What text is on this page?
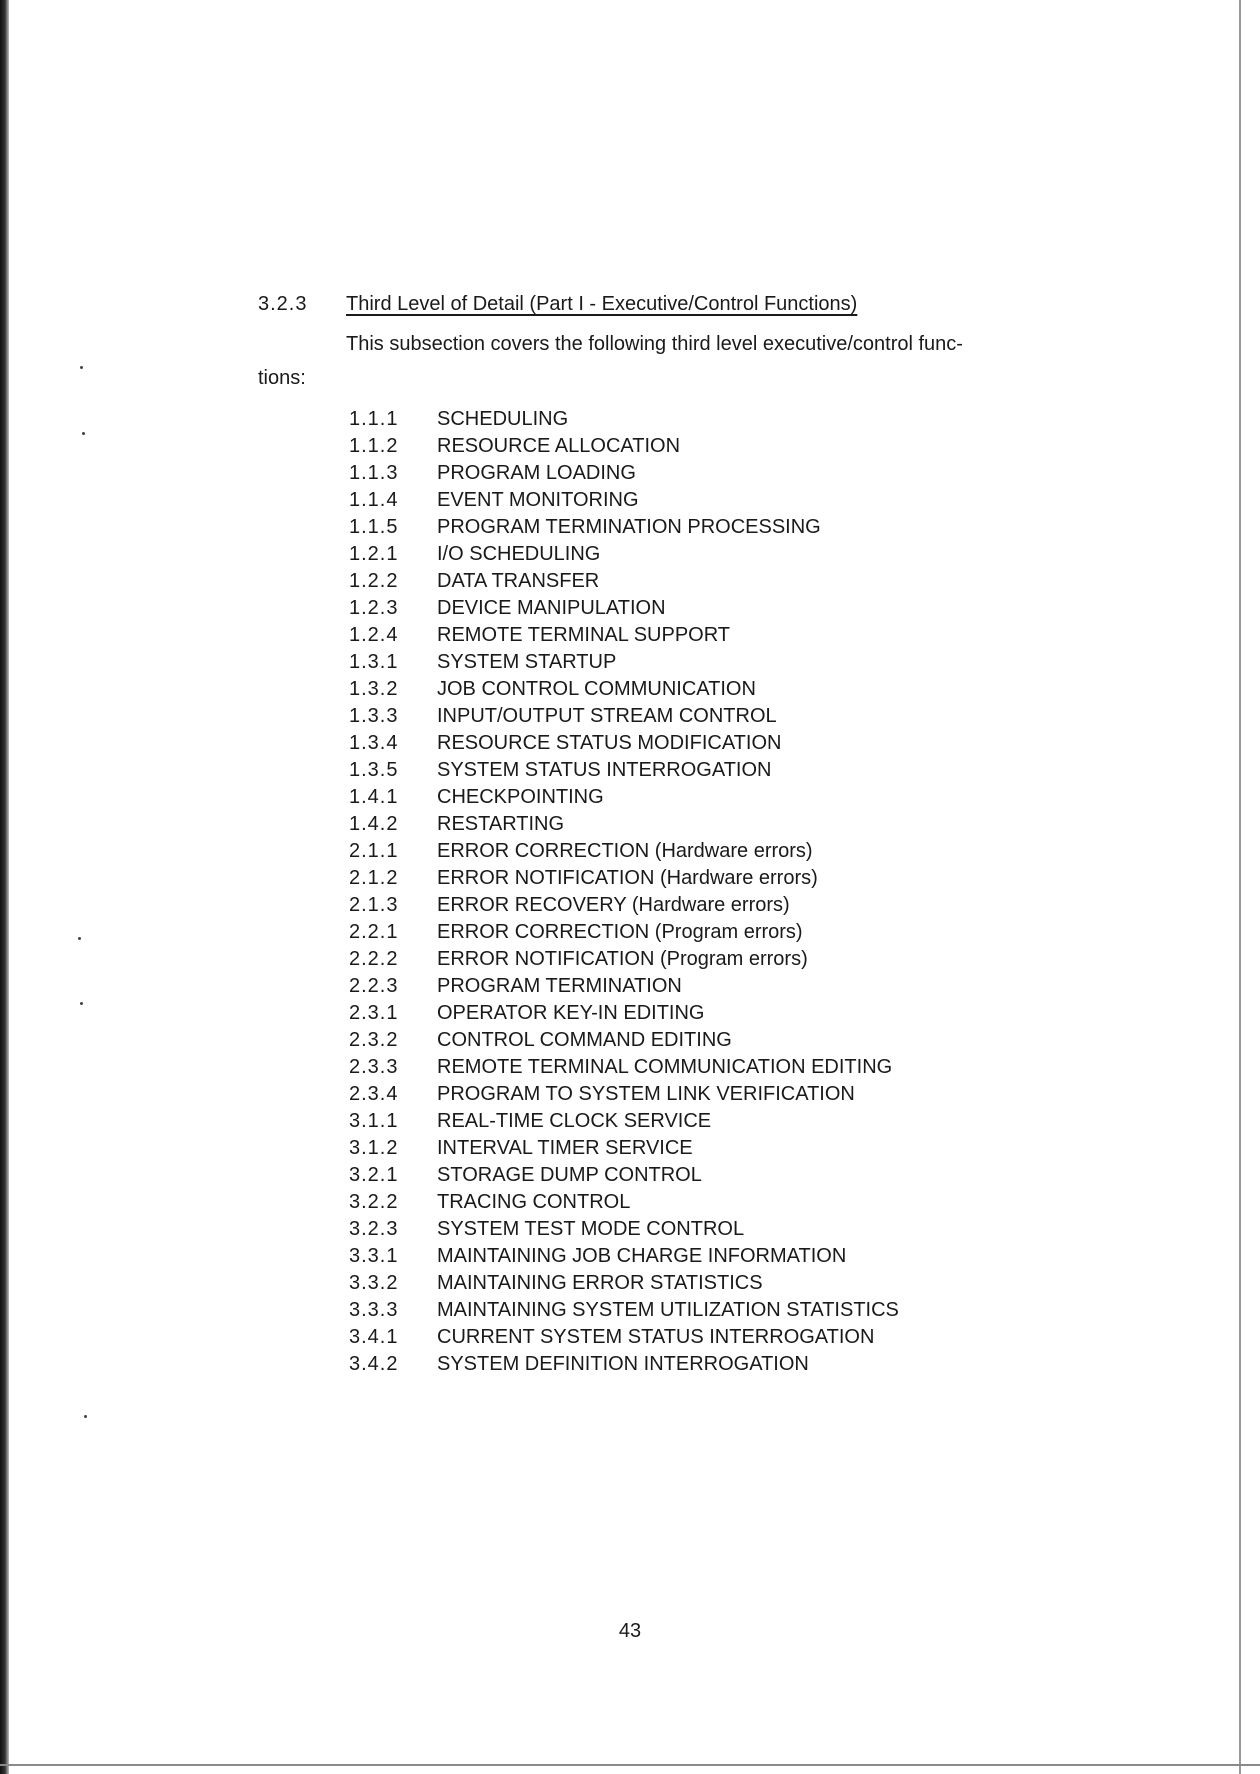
3.2.3 Third Level of Detail (Part I - Executive/Control Functions)
This subsection covers the following third level executive/control func-
tions:
1.1.1 SCHEDULING
1.1.2 RESOURCE ALLOCATION
1.1.3 PROGRAM LOADING
1.1.4 EVENT MONITORING
1.1.5 PROGRAM TERMINATION PROCESSING
1.2.1 I/O SCHEDULING
1.2.2 DATA TRANSFER
1.2.3 DEVICE MANIPULATION
1.2.4 REMOTE TERMINAL SUPPORT
1.3.1 SYSTEM STARTUP
1.3.2 JOB CONTROL COMMUNICATION
1.3.3 INPUT/OUTPUT STREAM CONTROL
1.3.4 RESOURCE STATUS MODIFICATION
1.3.5 SYSTEM STATUS INTERROGATION
1.4.1 CHECKPOINTING
1.4.2 RESTARTING
2.1.1 ERROR CORRECTION (Hardware errors)
2.1.2 ERROR NOTIFICATION (Hardware errors)
2.1.3 ERROR RECOVERY (Hardware errors)
2.2.1 ERROR CORRECTION (Program errors)
2.2.2 ERROR NOTIFICATION (Program errors)
2.2.3 PROGRAM TERMINATION
2.3.1 OPERATOR KEY-IN EDITING
2.3.2 CONTROL COMMAND EDITING
2.3.3 REMOTE TERMINAL COMMUNICATION EDITING
2.3.4 PROGRAM TO SYSTEM LINK VERIFICATION
3.1.1 REAL-TIME CLOCK SERVICE
3.1.2 INTERVAL TIMER SERVICE
3.2.1 STORAGE DUMP CONTROL
3.2.2 TRACING CONTROL
3.2.3 SYSTEM TEST MODE CONTROL
3.3.1 MAINTAINING JOB CHARGE INFORMATION
3.3.2 MAINTAINING ERROR STATISTICS
3.3.3 MAINTAINING SYSTEM UTILIZATION STATISTICS
3.4.1 CURRENT SYSTEM STATUS INTERROGATION
3.4.2 SYSTEM DEFINITION INTERROGATION
43
